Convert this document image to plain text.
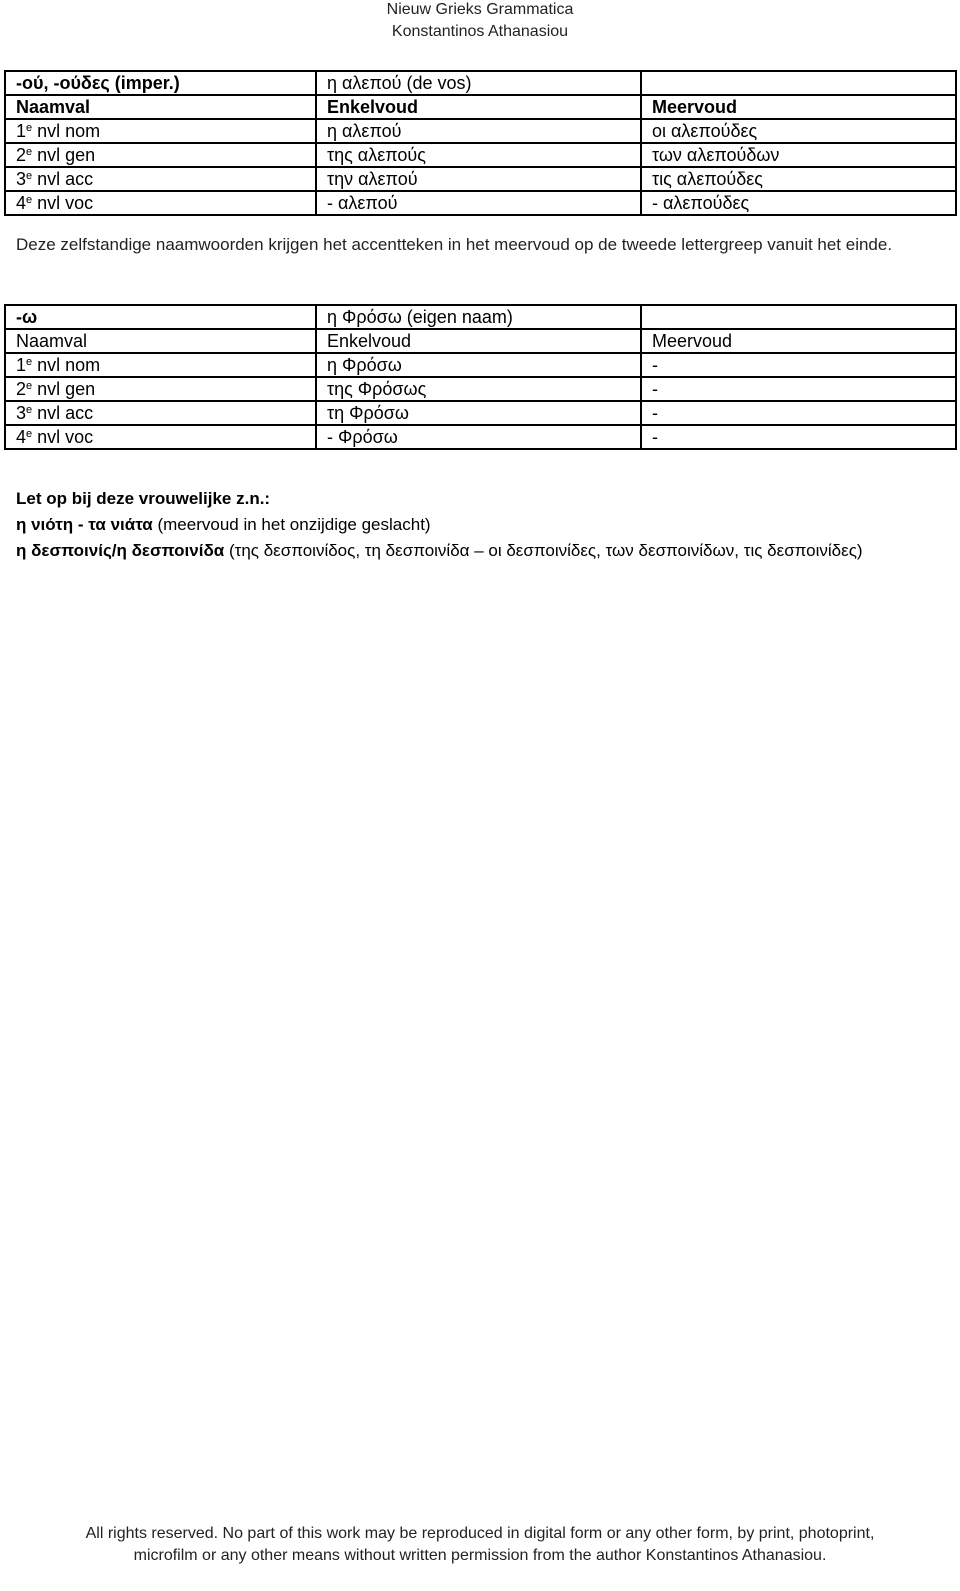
Nieuw Grieks Grammatica
Konstantinos Athanasiou
-ού, -ούδες (imper.)	η αλεπού (de vos)	
Naamval	Enkelvoud	Meervoud
1e nvl nom	η αλεπού	οι αλεπούδες
2e nvl gen	της αλεπούς	των αλεπούδων
3e nvl acc	την αλεπού	τις αλεπούδες
4e nvl voc	- αλεπού	- αλεπούδες
Deze zelfstandige naamwoorden krijgen het accentteken in het meervoud op de tweede lettergreep vanuit het einde.
-ω	η Φρόσω (eigen naam)	
Naamval	Enkelvoud	Meervoud
1e nvl nom	η Φρόσω	-
2e nvl gen	της Φρόσως	-
3e nvl acc	τη Φρόσω	-
4e nvl voc	- Φρόσω	-

Let op bij deze vrouwelijke z.n.:

η νιότη - τα νιάτα (meervoud in het onzijdige geslacht)

η δεσποινίς/η δεσποινίδα (της δεσποινίδος, τη δεσποινίδα – οι δεσποινίδες, των δεσποινίδων, τις δεσποινίδες)

All rights reserved. No part of this work may be reproduced in digital form or any other form, by print, photoprint,
microfilm or any other means without written permission from the author Konstantinos Athanasiou.
